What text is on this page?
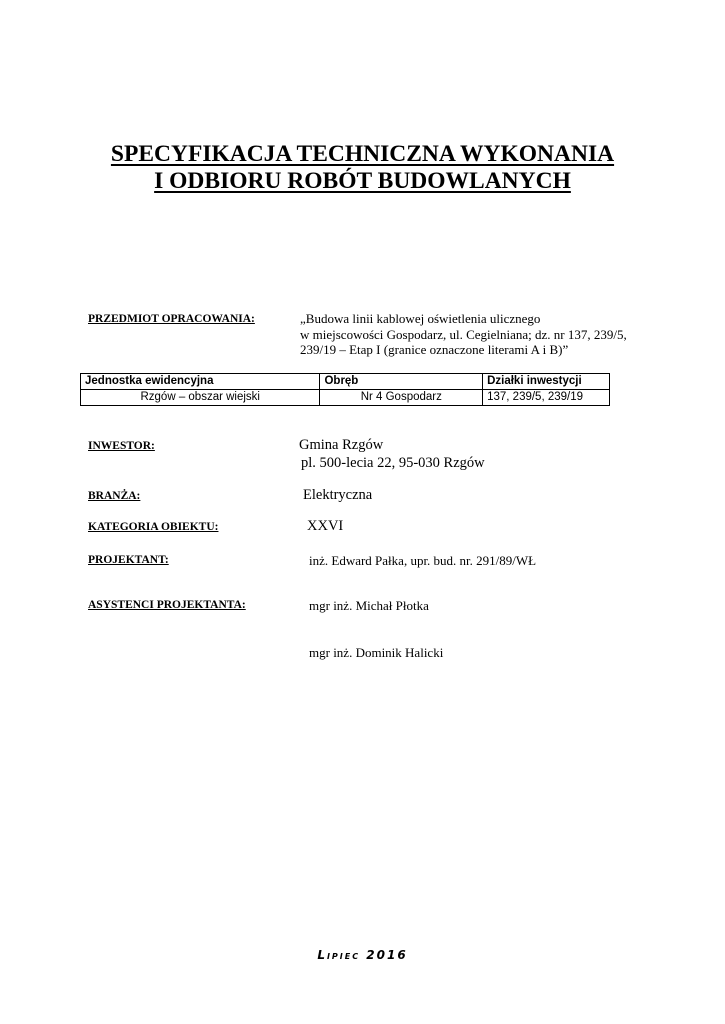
SPECYFIKACJA TECHNICZNA WYKONANIA
I ODBIORU ROBÓT BUDOWLANYCH
PRZEDMIOT OPRACOWANIA:	„Budowa linii kablowej oświetlenia ulicznego
w miejscowości Gospodarz, ul. Cegielniana; dz. nr 137, 239/5,
239/19 – Etap I (granice oznaczone literami A i B)”
Jednostka ewidencyjna	Obręb	Działki inwestycji
Rzgów – obszar wiejski	Nr 4 Gospodarz	137, 239/5, 239/19
INWESTOR:	Gmina Rzgów
pl. 500-lecia 22, 95-030 Rzgów
BRANŻA:	Elektryczna
KATEGORIA OBIEKTU:	XXVI
PROJEKTANT:	inż. Edward Pałka, upr. bud. nr. 291/89/WŁ
ASYSTENCI PROJEKTANTA:	mgr inż. Michał Płotka
mgr inż. Dominik Halicki
Lipiec 2016
